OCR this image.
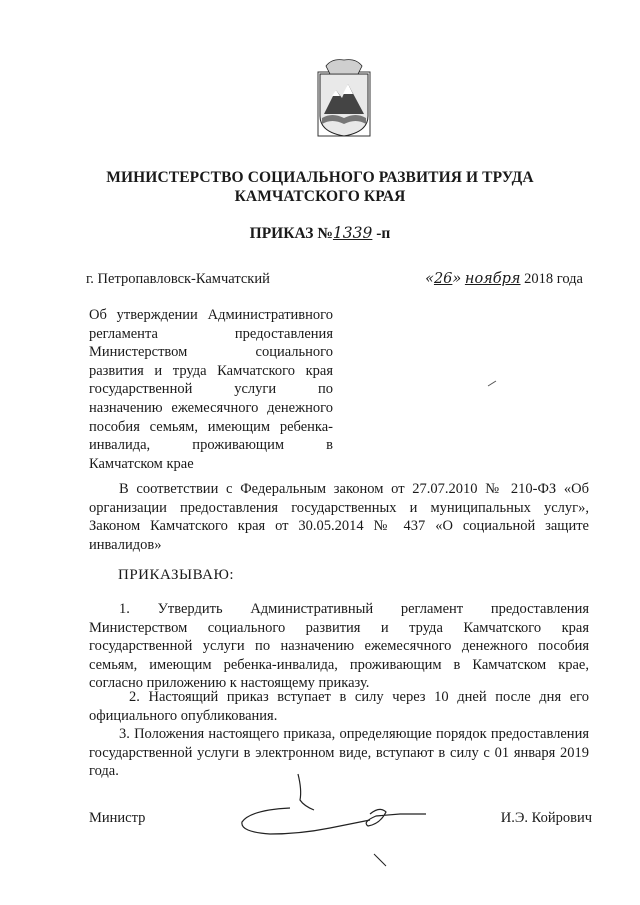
МИНИСТЕРСТВО СОЦИАЛЬНОГО РАЗВИТИЯ И ТРУДА
КАМЧАТСКОГО КРАЯ
ПРИКАЗ №1339 -п
г. Петропавловск-Камчатский	«26» ноября 2018 года
Об утверждении Административного
регламента предоставления
Министерством социального
развития и труда Камчатского края
государственной услуги по
назначению ежемесячного денежного
пособия семьям, имеющим ребенка-
инвалида, проживающим в
Камчатском крае
В соответствии с Федеральным законом от 27.07.2010 № 210-ФЗ «Об организации предоставления государственных и муниципальных услуг», Законом Камчатского края от 30.05.2014 № 437 «О социальной защите инвалидов»
ПРИКАЗЫВАЮ:
1. Утвердить Административный регламент предоставления Министерством социального развития и труда Камчатского края государственной услуги по назначению ежемесячного денежного пособия семьям, имеющим ребенка-инвалида, проживающим в Камчатском крае, согласно приложению к настоящему приказу.
2. Настоящий приказ вступает в силу через 10 дней после дня его официального опубликования.
3. Положения настоящего приказа, определяющие порядок предоставления государственной услуги в электронном виде, вступают в силу с 01 января 2019 года.
Министр	И.Э. Койрович
